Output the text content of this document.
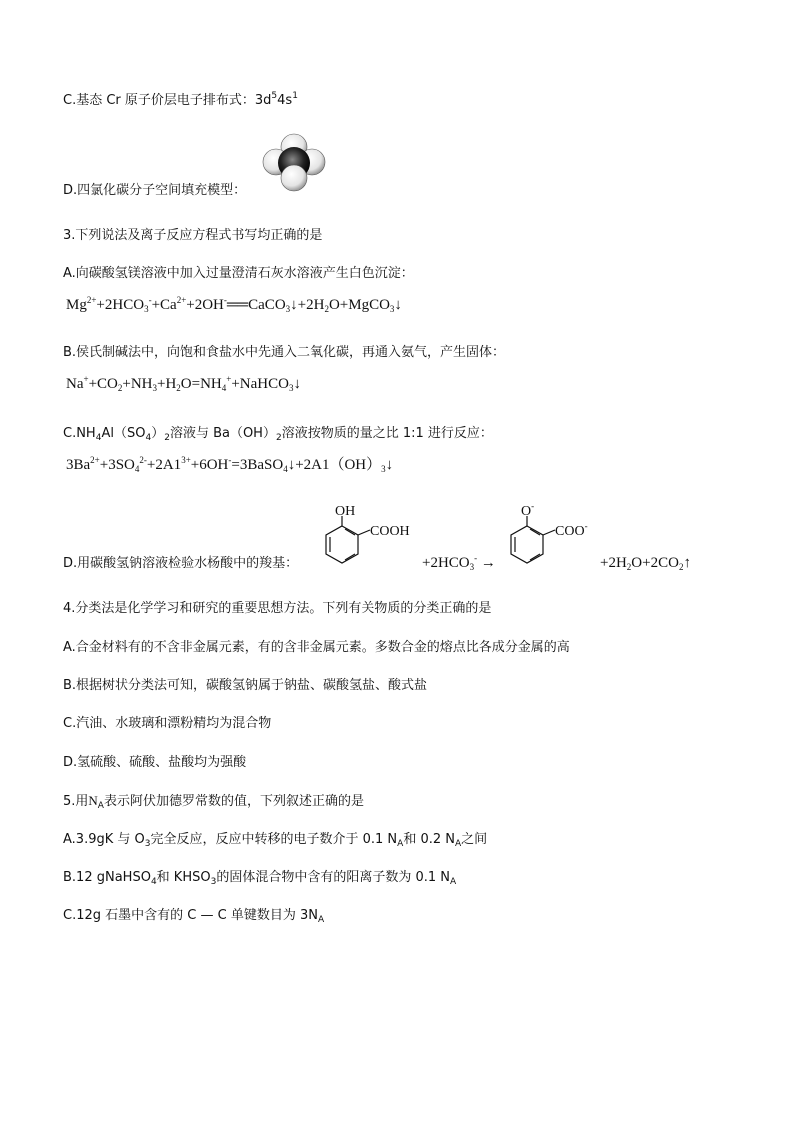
C.基态 Cr 原子价层电子排布式：$3d^54s^1$
D.四氯化碳分子空间填充模型：
3.下列说法及离子反应方程式书写均正确的是
A.向碳酸氢镁溶液中加入过量澄清石灰水溶液产生白色沉淀：
$Mg^{2+}+2HCO_3^-+Ca^{2+}+2OH^-══CaCO_3↓+2H_2O+MgCO_3↓$
B.侯氏制碱法中，向饱和食盐水中先通入二氧化碳，再通入氨气，产生固体：
$Na^++CO_2+NH_3+H_2O=NH_4^++NaHCO_3↓$
$C.NH_4Al(SO_4)_2$溶液与 $Ba(OH)_2$溶液按物质的量之比 1:1 进行反应：
$3Ba^{2+}+3SO_4^{2-}+2A1^{3+}+6OH^-=3BaSO_4↓+2A1(OH)_3↓$
D.用碳酸氢钠溶液检验水杨酸中的羧基：
OH
COOH
$+2HCO_3^-$ →
O-
COO-
$+2H_2O+2CO_2↑$
4.分类法是化学学习和研究的重要思想方法。下列有关物质的分类正确的是
A.合金材料有的不含非金属元素，有的含非金属元素。多数合金的熔点比各成分金属的高
B.根据树状分类法可知，碳酸氢钠属于钠盐、碳酸氢盐、酸式盐
C.汽油、水玻璃和漂粉精均为混合物
D.氢硫酸、硫酸、盐酸均为强酸
5.用$N_A$表示阿伏加德罗常数的值，下列叙述正确的是
A.3.9gK 与 $O_3$完全反应，反应中转移的电子数介于 0.1 $N_A$和 0.2 $N_A$之间
B.12 gNaHSO$_4$和 $KHSO_3$的固体混合物中含有的阳离子数为 0.1 $N_A$
C.12g 石墨中含有的 C — C 单键数目为 $3N_A$
